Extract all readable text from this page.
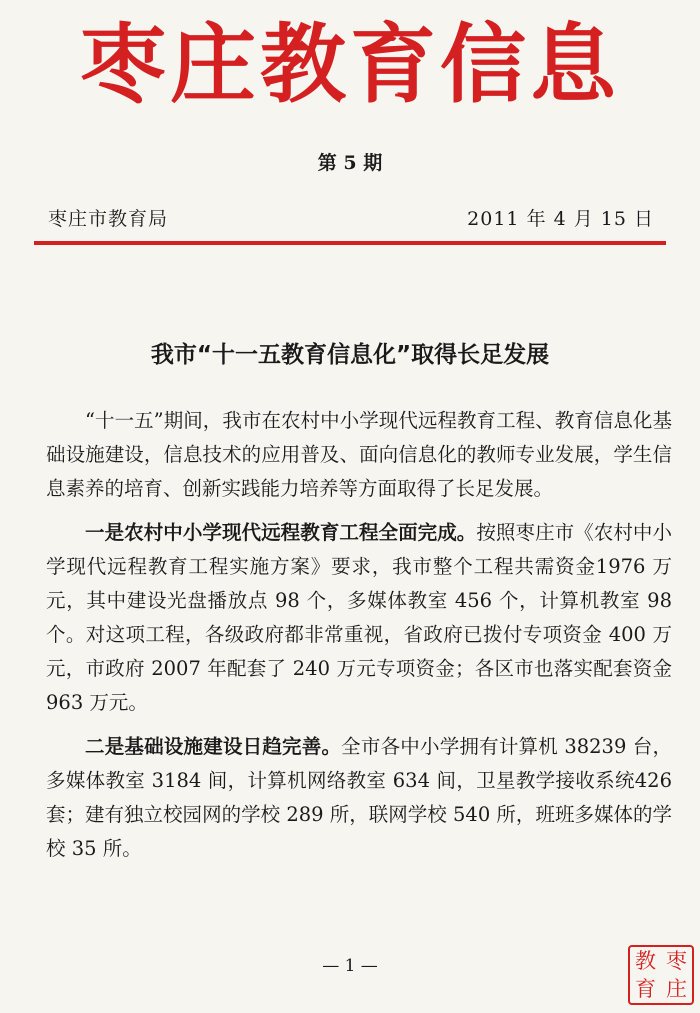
枣庄教育信息
第 5 期
枣庄市教育局	2011 年 4 月 15 日
我市“十一五教育信息化”取得长足发展

“十一五”期间，我市在农村中小学现代远程教育工程、教育信息化基础设施建设，信息技术的应用普及、面向信息化的教师专业发展，学生信息素养的培育、创新实践能力培养等方面取得了长足发展。

一是农村中小学现代远程教育工程全面完成。按照枣庄市《农村中小学现代远程教育工程实施方案》要求，我市整个工程共需资金1976 万元，其中建设光盘播放点 98 个，多媒体教室 456 个，计算机教室 98 个。对这项工程，各级政府都非常重视，省政府已拨付专项资金 400 万元，市政府 2007 年配套了 240 万元专项资金；各区市也落实配套资金 963 万元。

二是基础设施建设日趋完善。全市各中小学拥有计算机 38239 台，多媒体教室 3184 间，计算机网络教室 634 间，卫星教学接收系统426 套；建有独立校园网的学校 289 所，联网学校 540 所，班班多媒体的学校 35 所。

— 1 —	教 枣
育 庄
